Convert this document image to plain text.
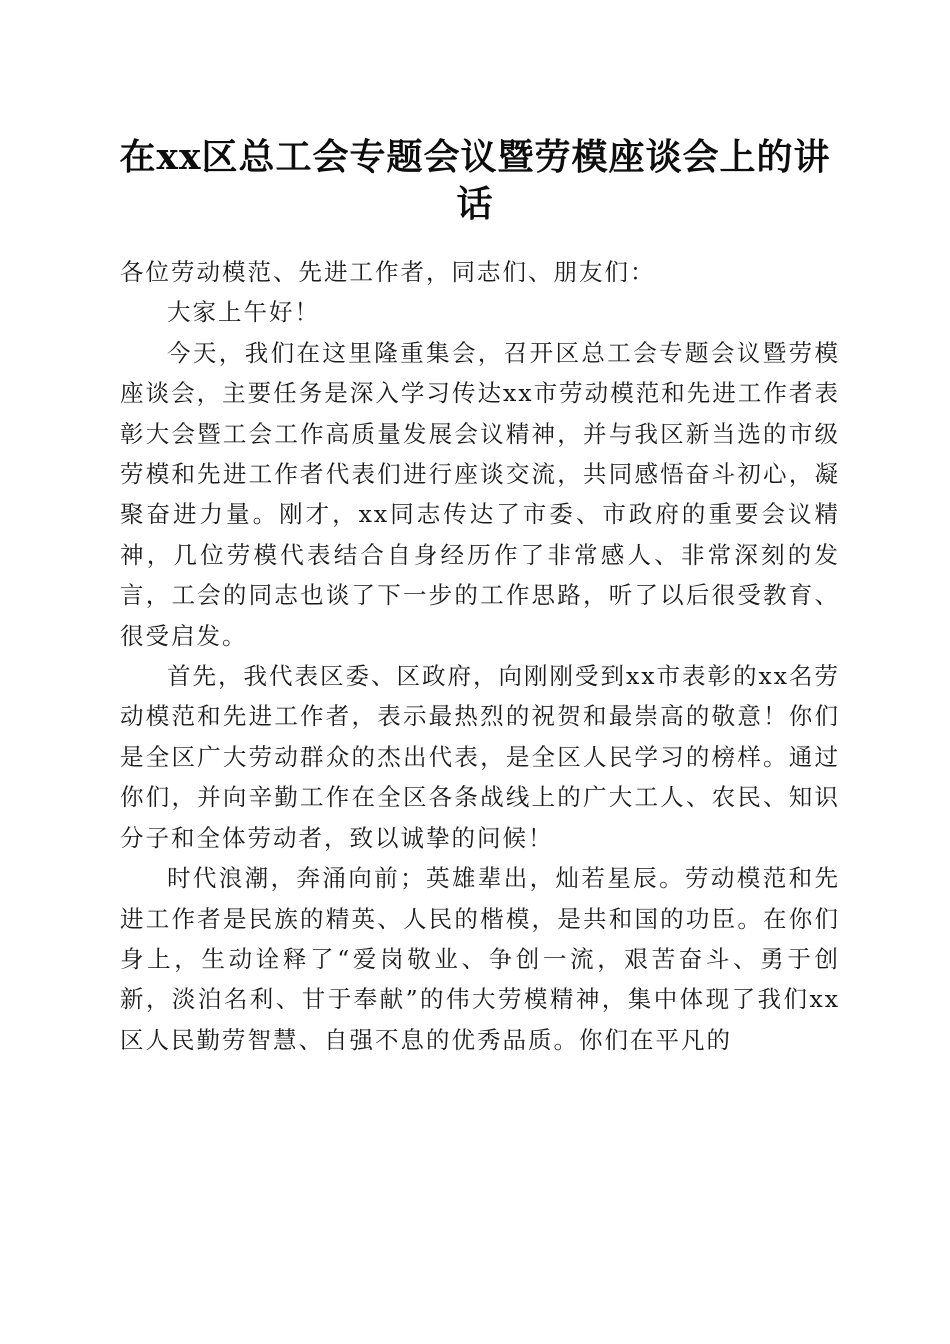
在xx区总工会专题会议暨劳模座谈会上的讲话

各位劳动模范、先进工作者，同志们、朋友们：

大家上午好！

今天，我们在这里隆重集会，召开区总工会专题会议暨劳模座谈会，主要任务是深入学习传达xx市劳动模范和先进工作者表彰大会暨工会工作高质量发展会议精神，并与我区新当选的市级劳模和先进工作者代表们进行座谈交流，共同感悟奋斗初心，凝聚奋进力量。刚才，xx同志传达了市委、市政府的重要会议精神，几位劳模代表结合自身经历作了非常感人、非常深刻的发言，工会的同志也谈了下一步的工作思路，听了以后很受教育、很受启发。

首先，我代表区委、区政府，向刚刚受到xx市表彰的xx名劳动模范和先进工作者，表示最热烈的祝贺和最崇高的敬意！你们是全区广大劳动群众的杰出代表，是全区人民学习的榜样。通过你们，并向辛勤工作在全区各条战线上的广大工人、农民、知识分子和全体劳动者，致以诚挚的问候！

时代浪潮，奔涌向前；英雄辈出，灿若星辰。劳动模范和先进工作者是民族的精英、人民的楷模，是共和国的功臣。在你们身上，生动诠释了“爱岗敬业、争创一流，艰苦奋斗、勇于创新，淡泊名利、甘于奉献”的伟大劳模精神，集中体现了我们xx区人民勤劳智慧、自强不息的优秀品质。你们在平凡的
